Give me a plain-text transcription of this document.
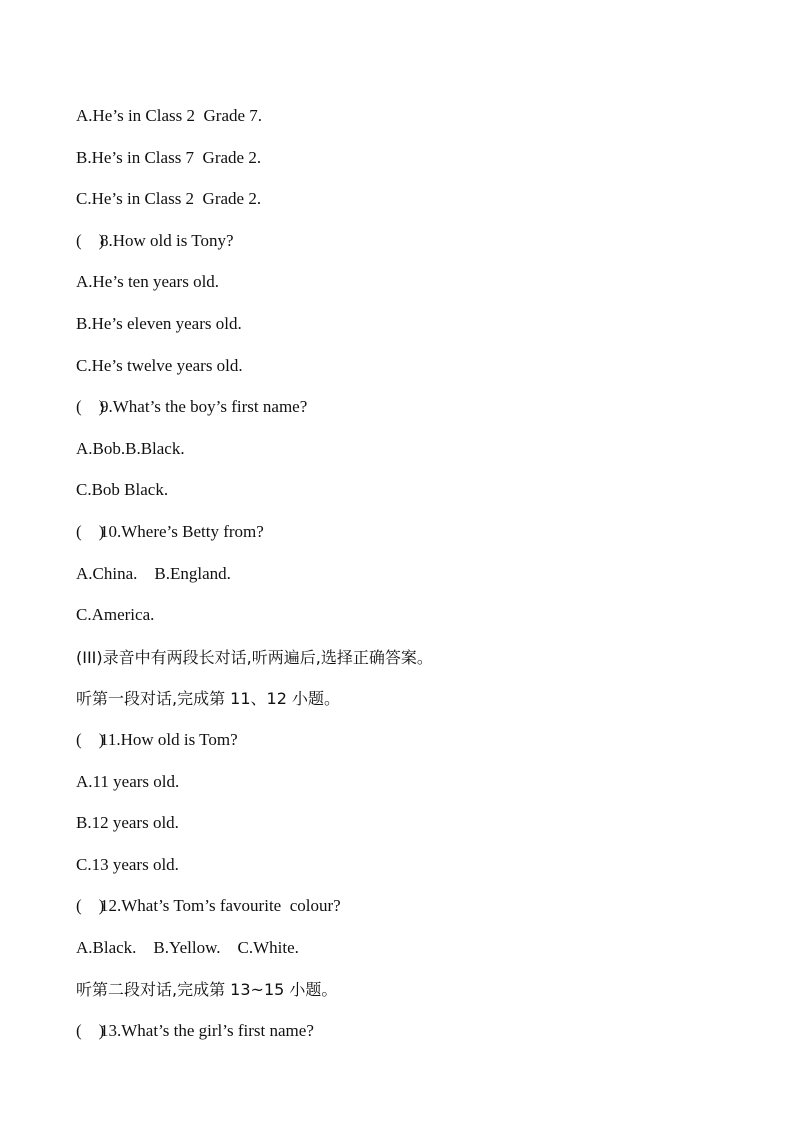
A.He’s in Class 2  Grade 7.
B.He’s in Class 7  Grade 2.
C.He’s in Class 2  Grade 2.
(    )8.How old is Tony?
A.He’s ten years old.
B.He’s eleven years old.
C.He’s twelve years old.
(    )9.What’s the boy’s first name?
A.Bob.B.Black.
C.Bob Black.
(    )10.Where’s Betty from?
A.China.    B.England.
C.America.
(III)录音中有两段长对话,听两遍后,选择正确答案。
听第一段对话,完成第 11、12 小题。
(    )11.How old is Tom?
A.11 years old.
B.12 years old.
C.13 years old.
(    )12.What’s Tom’s favourite  colour?
A.Black.    B.Yellow.    C.White.
听第二段对话,完成第 13~15 小题。
(    )13.What’s the girl’s first name?
